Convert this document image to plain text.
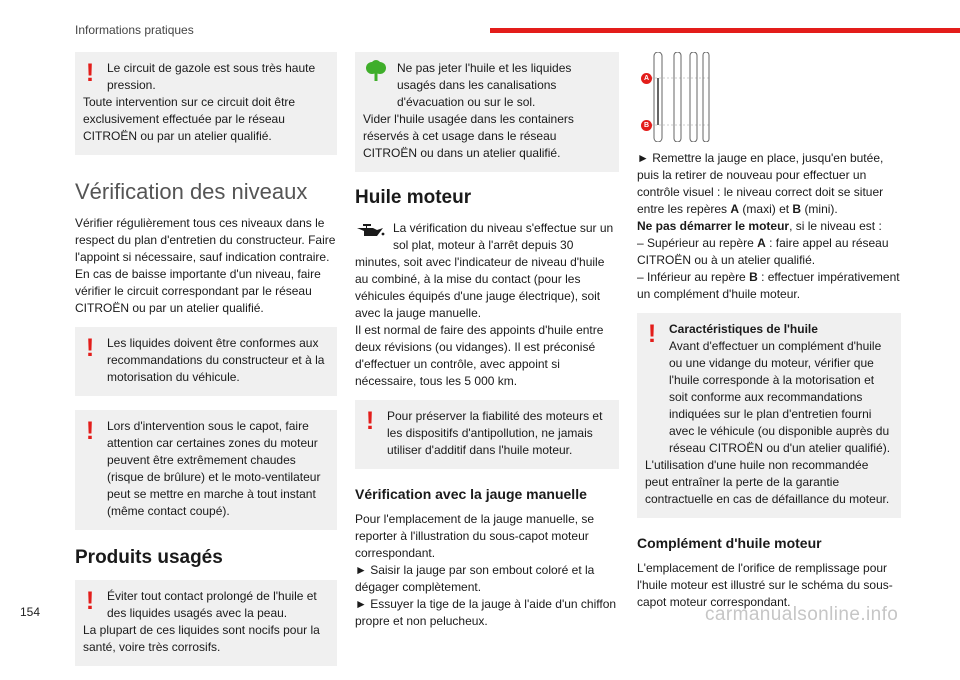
Informations pratiques
!	Le circuit de gazole est sous très haute pression.
Toute intervention sur ce circuit doit être exclusivement effectuée par le réseau CITROËN ou par un atelier qualifié.
Vérification des niveaux

Vérifier régulièrement tous ces niveaux dans le respect du plan d'entretien du constructeur. Faire l'appoint si nécessaire, sauf indication contraire.

En cas de baisse importante d'un niveau, faire vérifier le circuit correspondant par le réseau CITROËN ou par un atelier qualifié.

!	Les liquides doivent être conformes aux recommandations du constructeur et à la motorisation du véhicule.
!	Lors d'intervention sous le capot, faire attention car certaines zones du moteur peuvent être extrêmement chaudes (risque de brûlure) et le moto-ventilateur peut se mettre en marche à tout instant (même contact coupé).
Produits usagés
!	Éviter tout contact prolongé de l'huile et des liquides usagés avec la peau.
La plupart de ces liquides sont nocifs pour la santé, voire très corrosifs.
Ne pas jeter l'huile et les liquides usagés dans les canalisations d'évacuation ou sur le sol.
Vider l'huile usagée dans les containers réservés à cet usage dans le réseau CITROËN ou dans un atelier qualifié.
Huile moteur

La vérification du niveau s'effectue sur un sol plat, moteur à l'arrêt depuis 30 minutes, soit avec l'indicateur de niveau d'huile au combiné, à la mise du contact (pour les véhicules équipés d'une jauge électrique), soit avec la jauge manuelle.

Il est normal de faire des appoints d'huile entre deux révisions (ou vidanges). Il est préconisé d'effectuer un contrôle, avec appoint si nécessaire, tous les 5 000 km.

!	Pour préserver la fiabilité des moteurs et les dispositifs d'antipollution, ne jamais utiliser d'additif dans l'huile moteur.
Vérification avec la jauge manuelle

Pour l'emplacement de la jauge manuelle, se reporter à l'illustration du sous-capot moteur correspondant.

► Saisir la jauge par son embout coloré et la dégager complètement.

► Essuyer la tige de la jauge à l'aide d'un chiffon propre et non pelucheux.

A
B

► Remettre la jauge en place, jusqu'en butée, puis la retirer de nouveau pour effectuer un contrôle visuel : le niveau correct doit se situer entre les repères A (maxi) et B (mini).

Ne pas démarrer le moteur, si le niveau est :

– Supérieur au repère A : faire appel au réseau CITROËN ou à un atelier qualifié.

– Inférieur au repère B : effectuer impérativement un complément d'huile moteur.

!	Caractéristiques de l'huile
Avant d'effectuer un complément d'huile ou une vidange du moteur, vérifier que l'huile corresponde à la motorisation et soit conforme aux recommandations indiquées sur le plan d'entretien fourni avec le véhicule (ou disponible auprès du réseau CITROËN ou d'un atelier qualifié).
L'utilisation d'une huile non recommandée peut entraîner la perte de la garantie contractuelle en cas de défaillance du moteur.
Complément d'huile moteur

L'emplacement de l'orifice de remplissage pour l'huile moteur est illustré sur le schéma du sous-capot moteur correspondant.

154	carmanualsonline.info
